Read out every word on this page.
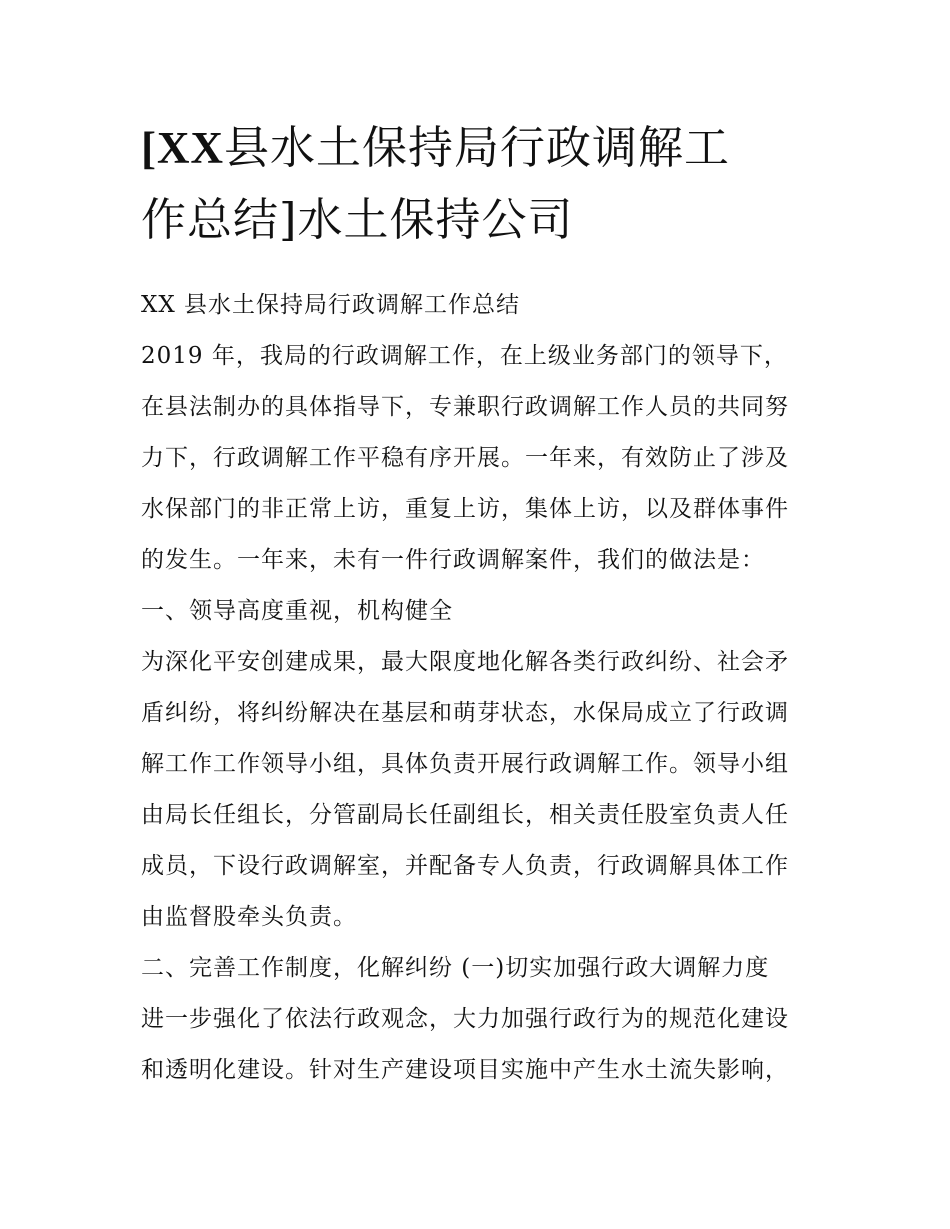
[XX县水土保持局行政调解工
作总结]水土保持公司
XX 县水土保持局行政调解工作总结
2019 年，我局的行政调解工作，在上级业务部门的领导下，
在县法制办的具体指导下，专兼职行政调解工作人员的共同努
力下，行政调解工作平稳有序开展。一年来，有效防止了涉及
水保部门的非正常上访，重复上访，集体上访，以及群体事件
的发生。一年来，未有一件行政调解案件，我们的做法是：
一、领导高度重视，机构健全
为深化平安创建成果，最大限度地化解各类行政纠纷、社会矛
盾纠纷，将纠纷解决在基层和萌芽状态，水保局成立了行政调
解工作工作领导小组，具体负责开展行政调解工作。领导小组
由局长任组长，分管副局长任副组长，相关责任股室负责人任
成员，下设行政调解室，并配备专人负责，行政调解具体工作
由监督股牵头负责。
二、完善工作制度，化解纠纷 (一)切实加强行政大调解力度
进一步强化了依法行政观念，大力加强行政行为的规范化建设
和透明化建设。针对生产建设项目实施中产生水土流失影响，
